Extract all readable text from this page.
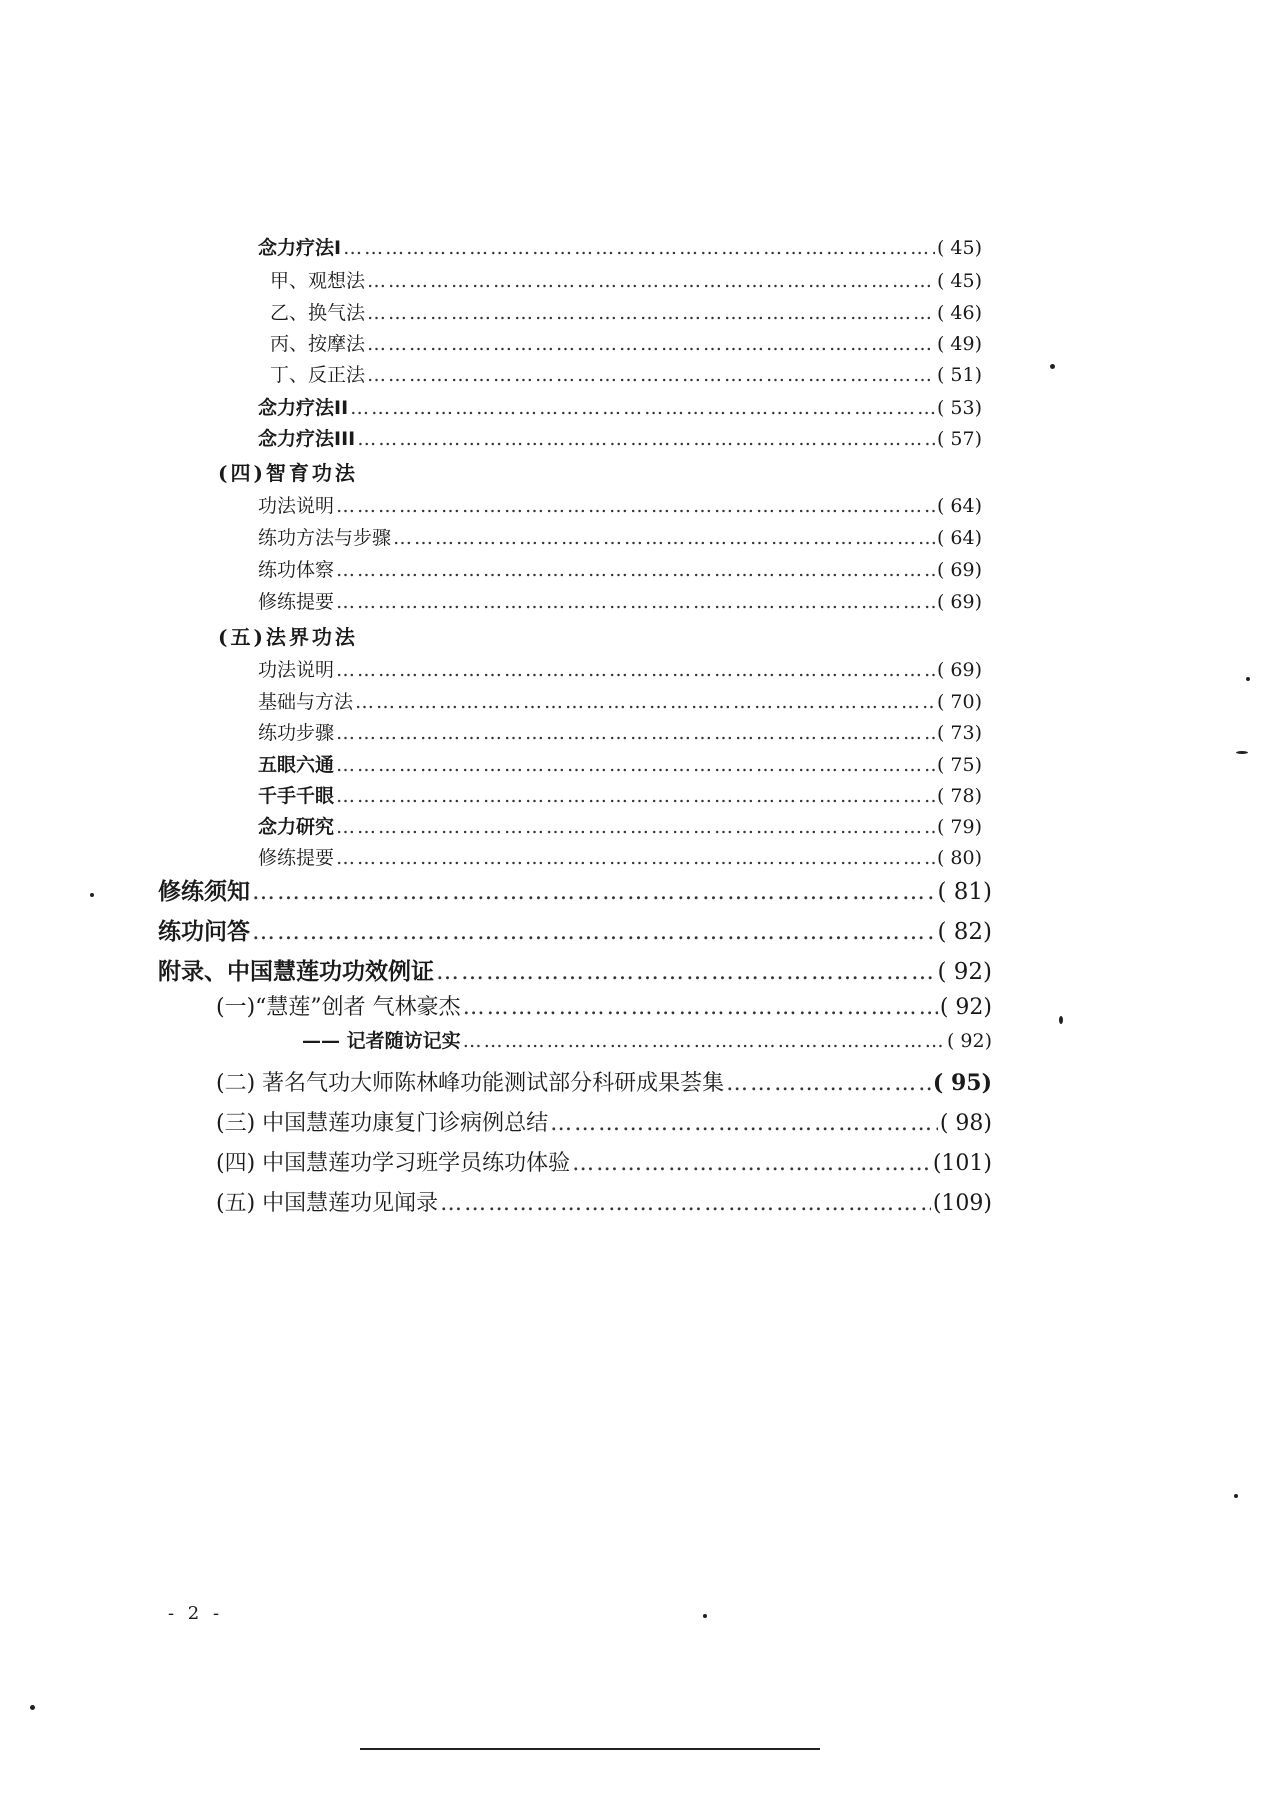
念力疗法I …………………………………………………………………………………………………………………………………………………………………………………………………………………………	( 45)
甲、观想法 …………………………………………………………………………………………………………………………………………………………………………………………………………………………	( 45)
乙、换气法 …………………………………………………………………………………………………………………………………………………………………………………………………………………………	( 46)
丙、按摩法 …………………………………………………………………………………………………………………………………………………………………………………………………………………………	( 49)
丁、反正法 …………………………………………………………………………………………………………………………………………………………………………………………………………………………	( 51)
念力疗法II …………………………………………………………………………………………………………………………………………………………………………………………………………………………	( 53)
念力疗法III …………………………………………………………………………………………………………………………………………………………………………………………………………………………	( 57)
(四)智育功法
功法说明 …………………………………………………………………………………………………………………………………………………………………………………………………………………………	( 64)
练功方法与步骤 …………………………………………………………………………………………………………………………………………………………………………………………………………………………	( 64)
练功体察 …………………………………………………………………………………………………………………………………………………………………………………………………………………………	( 69)
修练提要 …………………………………………………………………………………………………………………………………………………………………………………………………………………………	( 69)
(五)法界功法
功法说明 …………………………………………………………………………………………………………………………………………………………………………………………………………………………	( 69)
基础与方法 …………………………………………………………………………………………………………………………………………………………………………………………………………………………	( 70)
练功步骤 …………………………………………………………………………………………………………………………………………………………………………………………………………………………	( 73)
五眼六通 …………………………………………………………………………………………………………………………………………………………………………………………………………………………	( 75)
千手千眼 …………………………………………………………………………………………………………………………………………………………………………………………………………………………	( 78)
念力研究 …………………………………………………………………………………………………………………………………………………………………………………………………………………………	( 79)
修练提要 …………………………………………………………………………………………………………………………………………………………………………………………………………………………	( 80)
修练须知 …………………………………………………………………………………………………………………………………………………………………………………………………………………………	( 81)
练功问答 …………………………………………………………………………………………………………………………………………………………………………………………………………………………	( 82)
附录、中国慧莲功功效例证 …………………………………………………………………………………………………………………………………………………………………………………………………………………………	( 92)
(一)“慧莲”创者 气林豪杰 …………………………………………………………………………………………………………………………………………………………………………………………………………………………	( 92)
—— 记者随访记实 …………………………………………………………………………………………………………………………………………………………………………………………………………………………	( 92)
(二) 著名气功大师陈林峰功能测试部分科研成果荟集 …………………………………………………………………………………………………………………………………………………………………………………………………………………………	( 95)
(三) 中国慧莲功康复门诊病例总结 …………………………………………………………………………………………………………………………………………………………………………………………………………………………	( 98)
(四) 中国慧莲功学习班学员练功体验 …………………………………………………………………………………………………………………………………………………………………………………………………………………………	(101)
(五) 中国慧莲功见闻录 …………………………………………………………………………………………………………………………………………………………………………………………………………………………	(109)
- 2 -
